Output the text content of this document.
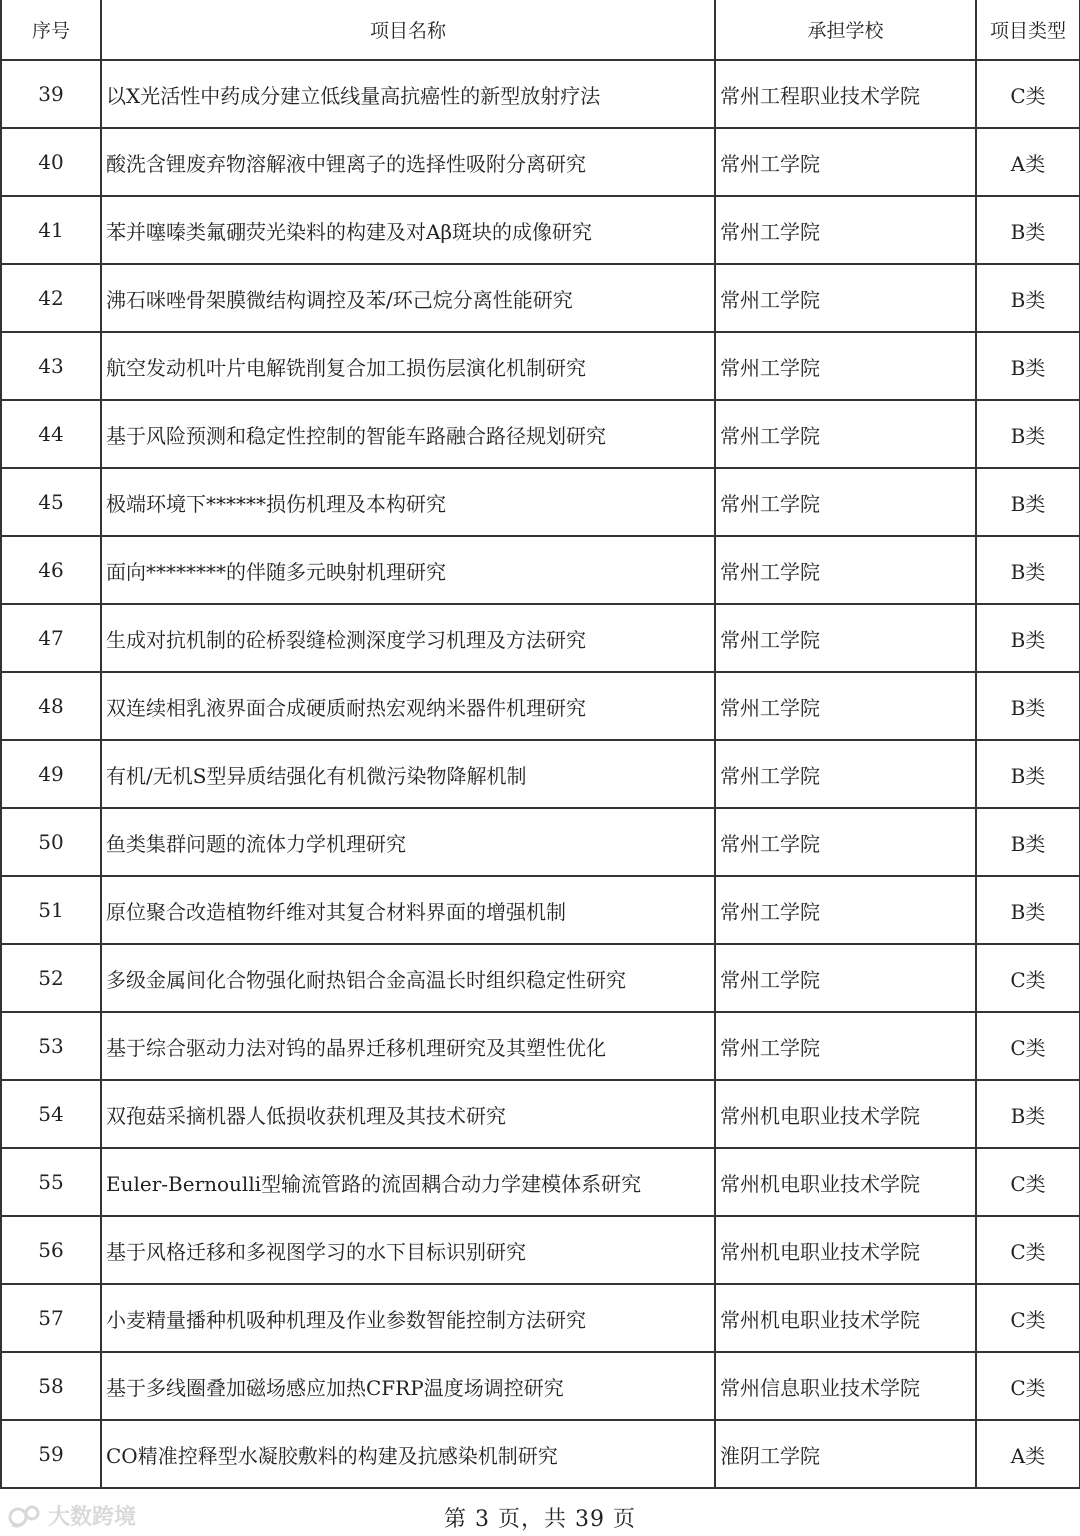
序号	项目名称	承担学校	项目类型
39	以X光活性中药成分建立低线量高抗癌性的新型放射疗法	常州工程职业技术学院	C类
40	酸洗含锂废弃物溶解液中锂离子的选择性吸附分离研究	常州工学院	A类
41	苯并噻嗪类氟硼荧光染料的构建及对Aβ斑块的成像研究	常州工学院	B类
42	沸石咪唑骨架膜微结构调控及苯/环己烷分离性能研究	常州工学院	B类
43	航空发动机叶片电解铣削复合加工损伤层演化机制研究	常州工学院	B类
44	基于风险预测和稳定性控制的智能车路融合路径规划研究	常州工学院	B类
45	极端环境下******损伤机理及本构研究	常州工学院	B类
46	面向********的伴随多元映射机理研究	常州工学院	B类
47	生成对抗机制的砼桥裂缝检测深度学习机理及方法研究	常州工学院	B类
48	双连续相乳液界面合成硬质耐热宏观纳米器件机理研究	常州工学院	B类
49	有机/无机S型异质结强化有机微污染物降解机制	常州工学院	B类
50	鱼类集群问题的流体力学机理研究	常州工学院	B类
51	原位聚合改造植物纤维对其复合材料界面的增强机制	常州工学院	B类
52	多级金属间化合物强化耐热铝合金高温长时组织稳定性研究	常州工学院	C类
53	基于综合驱动力法对钨的晶界迁移机理研究及其塑性优化	常州工学院	C类
54	双孢菇采摘机器人低损收获机理及其技术研究	常州机电职业技术学院	B类
55	Euler-Bernoulli型输流管路的流固耦合动力学建模体系研究	常州机电职业技术学院	C类
56	基于风格迁移和多视图学习的水下目标识别研究	常州机电职业技术学院	C类
57	小麦精量播种机吸种机理及作业参数智能控制方法研究	常州机电职业技术学院	C类
58	基于多线圈叠加磁场感应加热CFRP温度场调控研究	常州信息职业技术学院	C类
59	CO精准控释型水凝胶敷料的构建及抗感染机制研究	淮阴工学院	A类
大数跨境	第 3 页，共 39 页
